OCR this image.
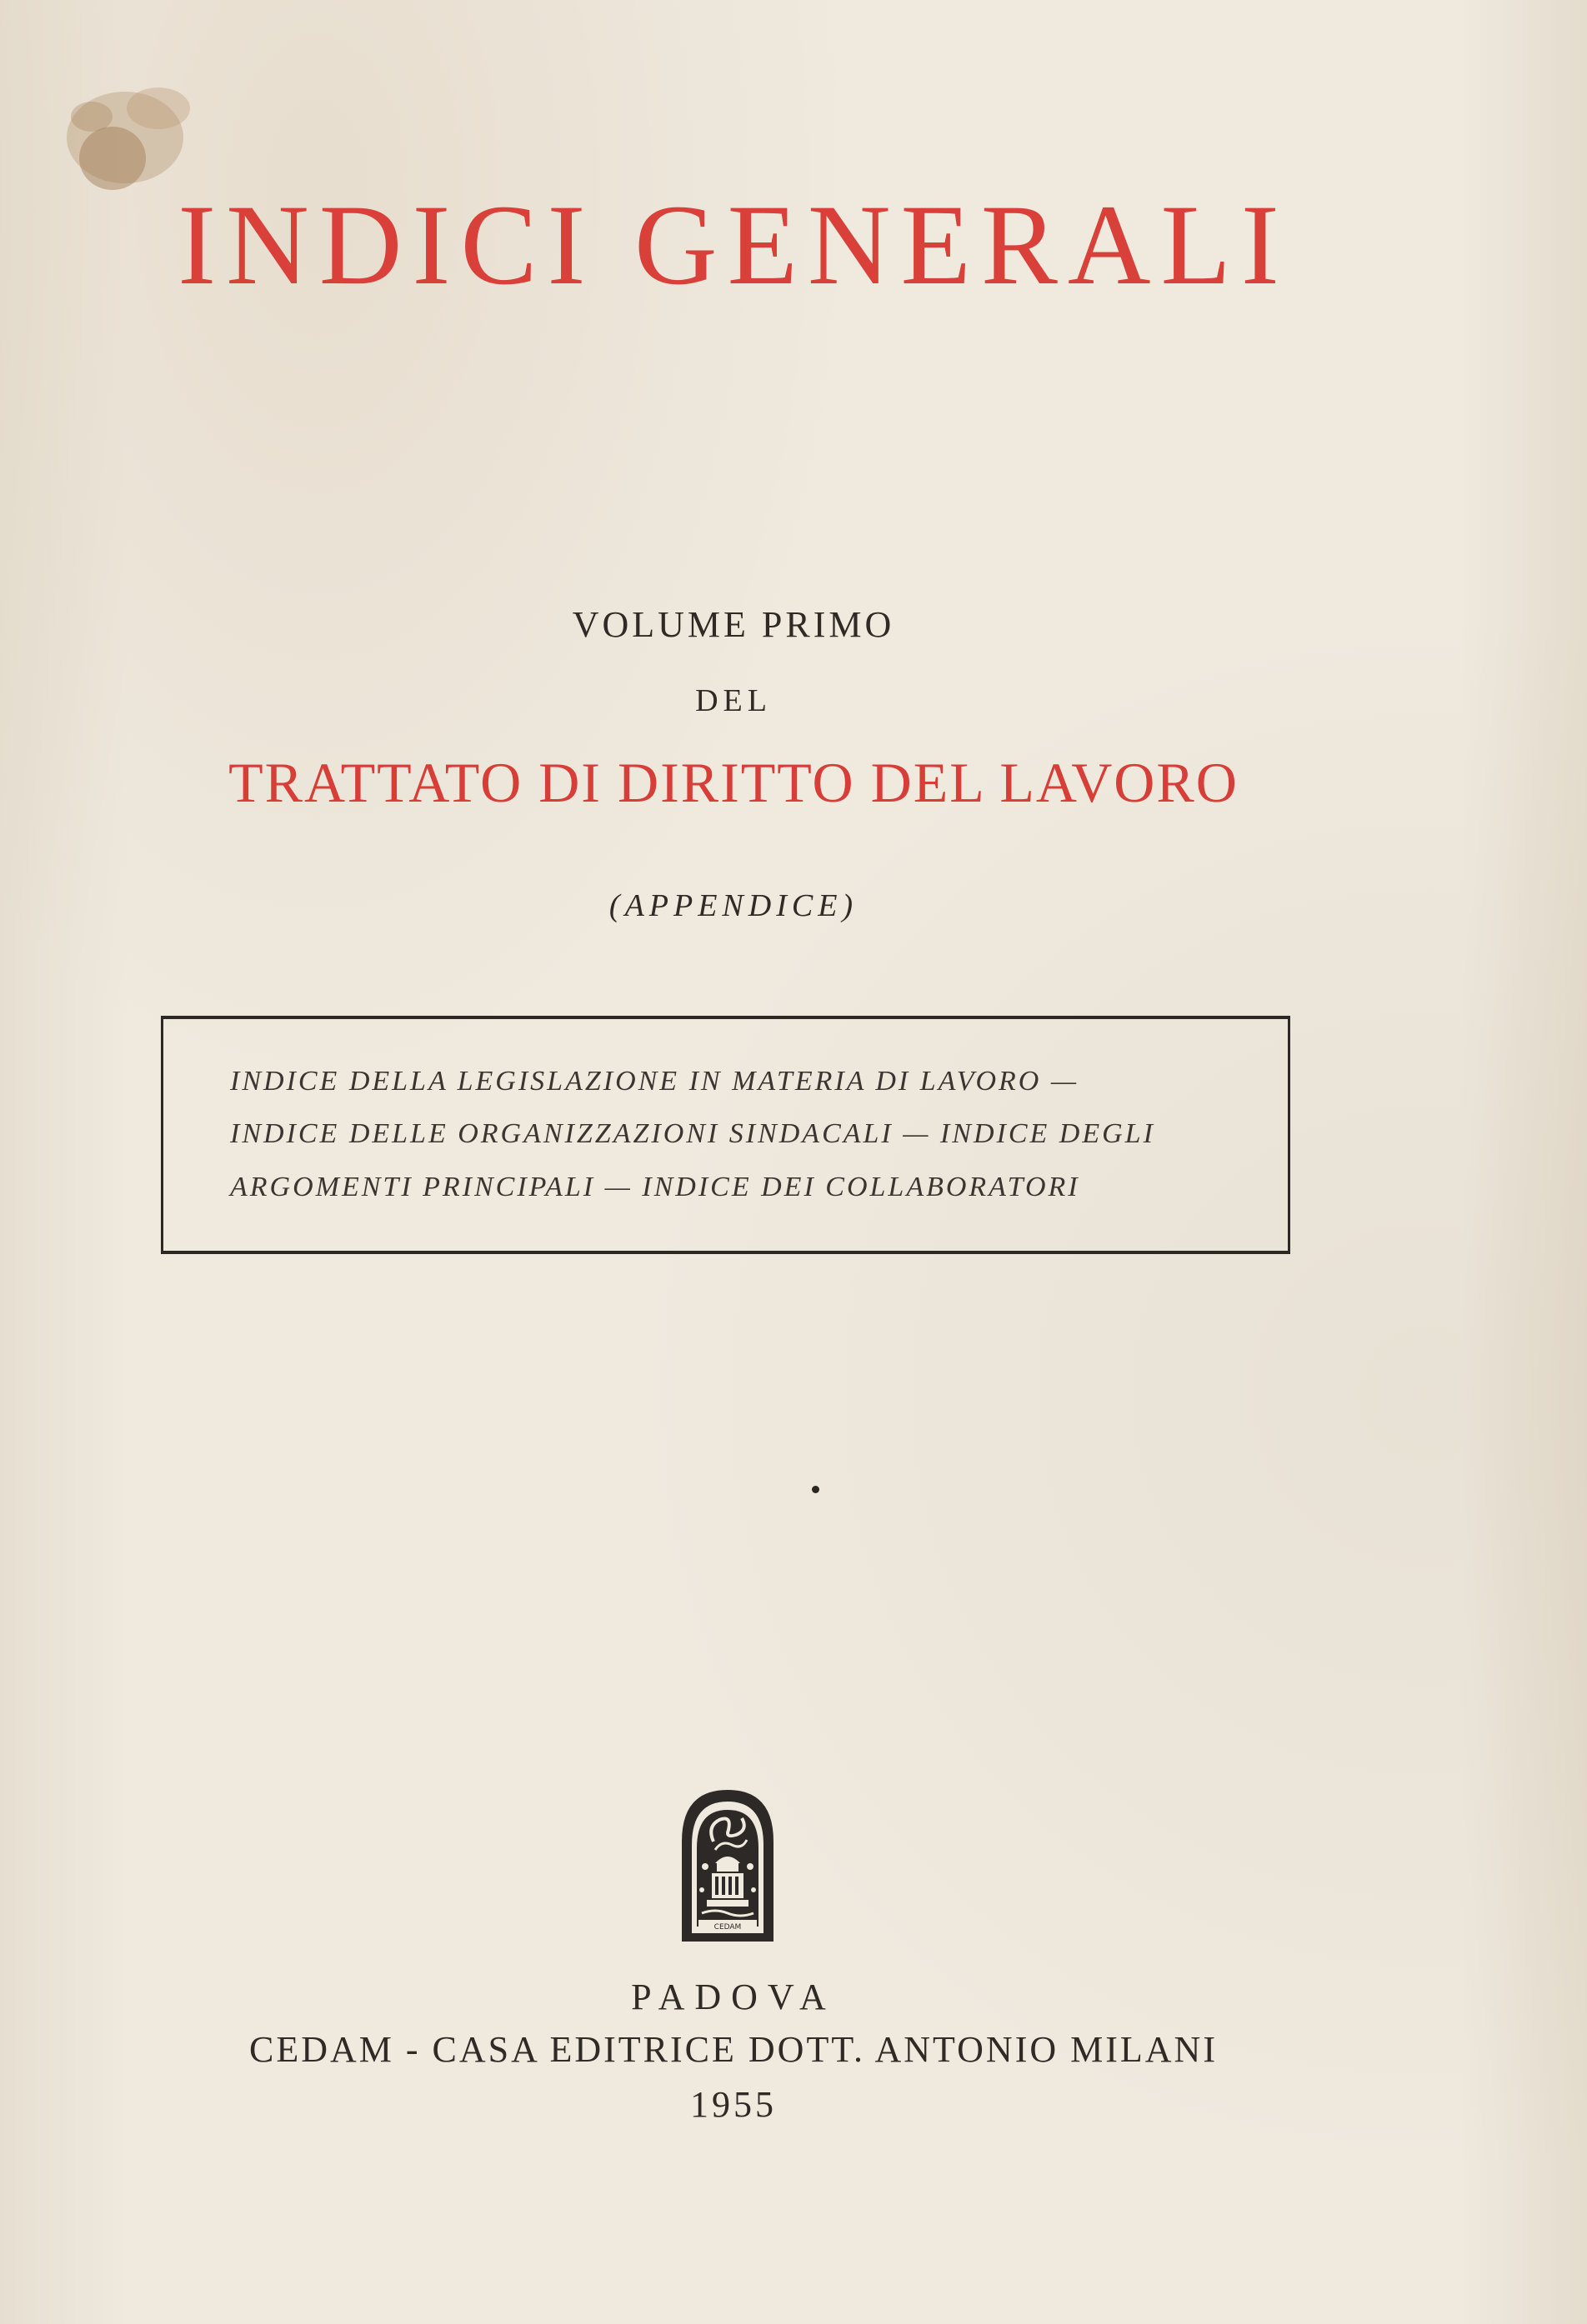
INDICI GENERALI
VOLUME PRIMO
DEL
TRATTATO DI DIRITTO DEL LAVORO
(APPENDICE)
INDICE DELLA LEGISLAZIONE IN MATERIA DI LAVORO —
INDICE DELLE ORGANIZZAZIONI SINDACALI — INDICE DEGLI
ARGOMENTI PRINCIPALI — INDICE DEI COLLABORATORI
CEDAM
PADOVA
CEDAM - CASA EDITRICE DOTT. ANTONIO MILANI
1955
